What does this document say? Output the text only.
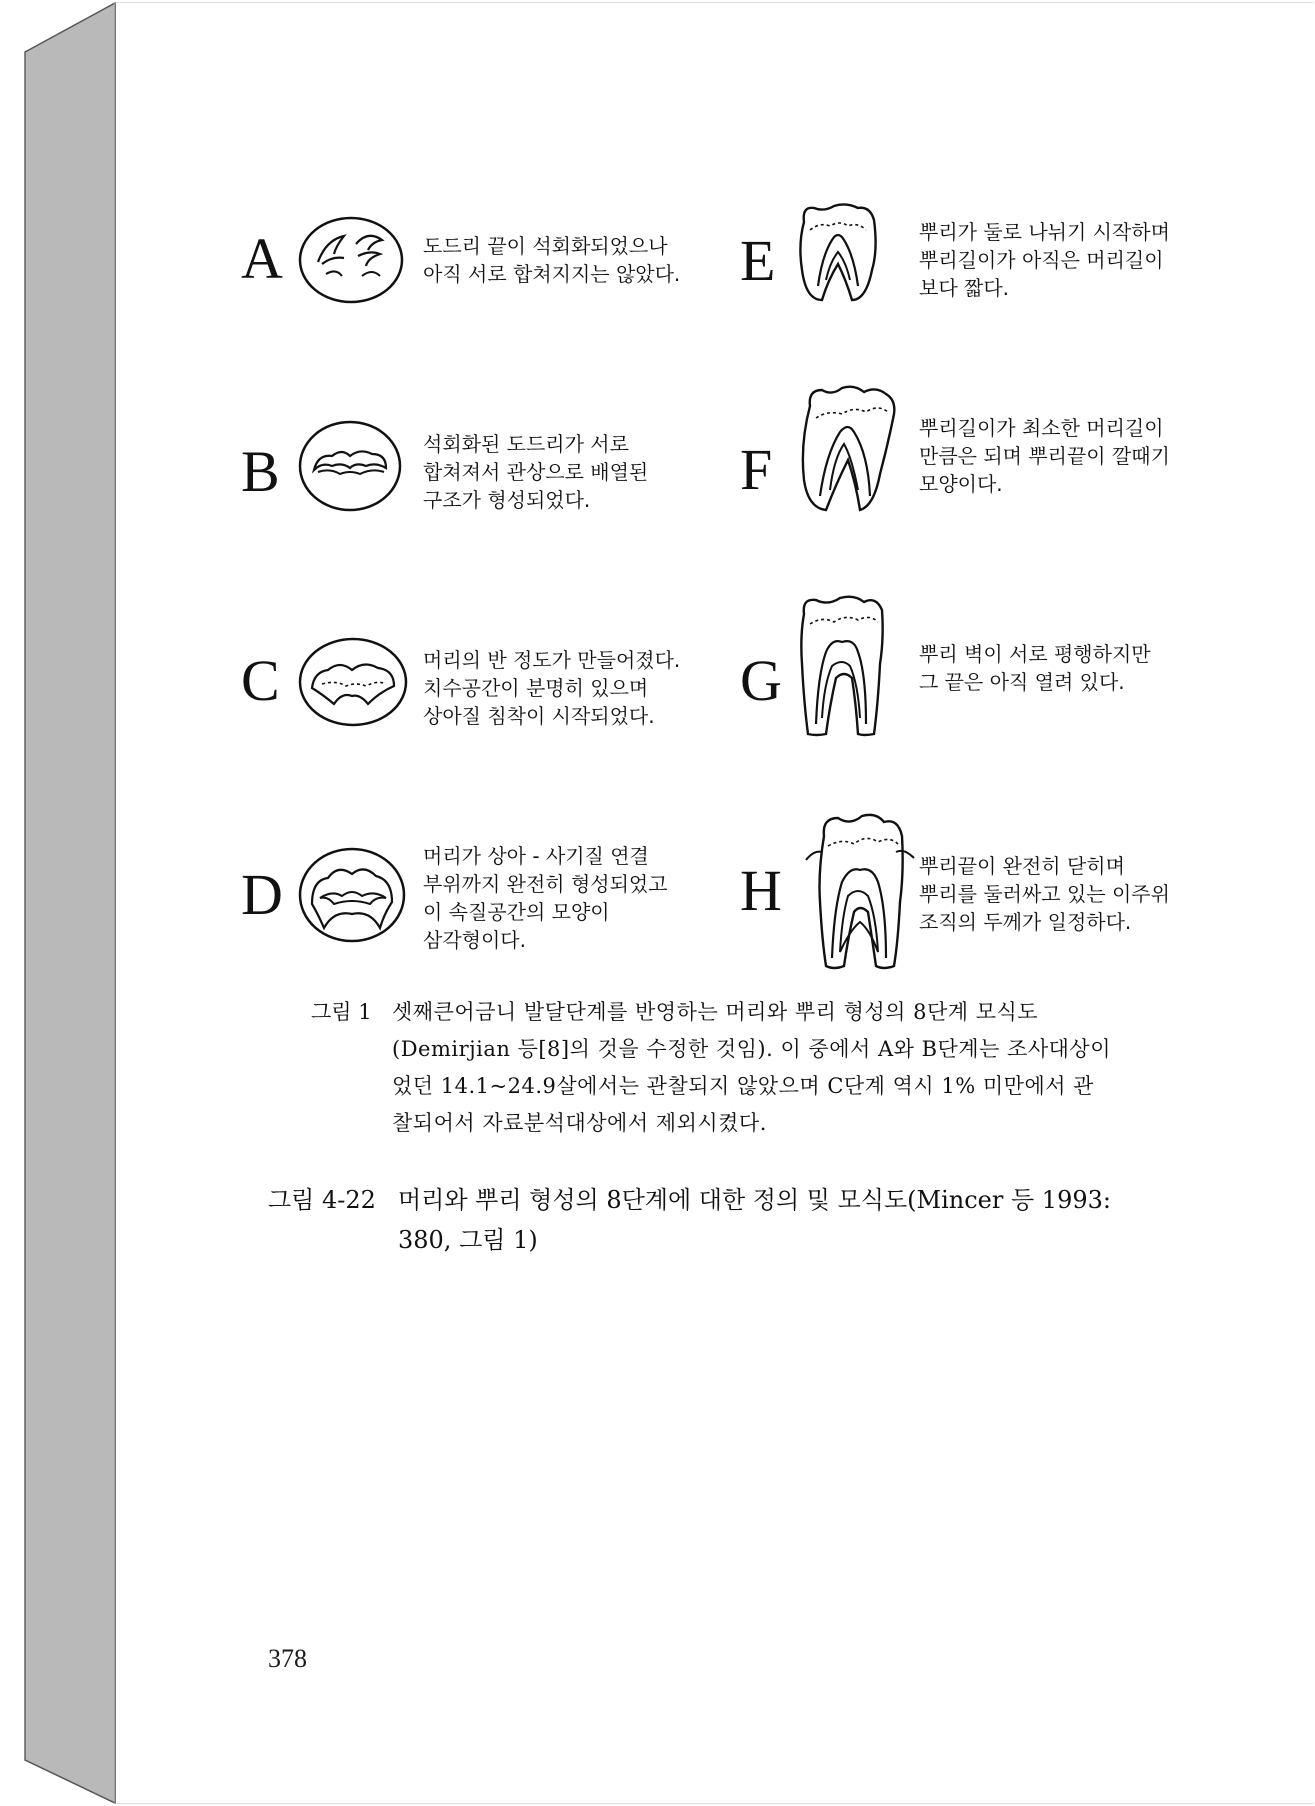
A	도드리 끝이 석회화되었으나
아직 서로 합쳐지지는 않았다.
B	석회화된 도드리가 서로
합쳐져서 관상으로 배열된
구조가 형성되었다.
C	머리의 반 정도가 만들어졌다.
치수공간이 분명히 있으며
상아질 침착이 시작되었다.
D
머리가 상아 - 사기질 연결
부위까지 완전히 형성되었고
이 속질공간의 모양이
삼각형이다.
E	뿌리가 둘로 나뉘기 시작하며
뿌리길이가 아직은 머리길이
보다 짧다.
F
뿌리길이가 최소한 머리길이
만큼은 되며 뿌리끝이 깔때기
모양이다.
G	뿌리 벽이 서로 평행하지만
그 끝은 아직 열려 있다.
H	뿌리끝이 완전히 닫히며
뿌리를 둘러싸고 있는 이주위
조직의 두께가 일정하다.
그림 1 셋째큰어금니 발달단계를 반영하는 머리와 뿌리 형성의 8단계 모식도
(Demirjian 등[8]의 것을 수정한 것임). 이 중에서 A와 B단계는 조사대상이
었던 14.1~24.9살에서는 관찰되지 않았으며 C단계 역시 1% 미만에서 관
찰되어서 자료분석대상에서 제외시켰다.
그림 4-22 머리와 뿌리 형성의 8단계에 대한 정의 및 모식도(Mincer 등 1993:
380, 그림 1)
378
